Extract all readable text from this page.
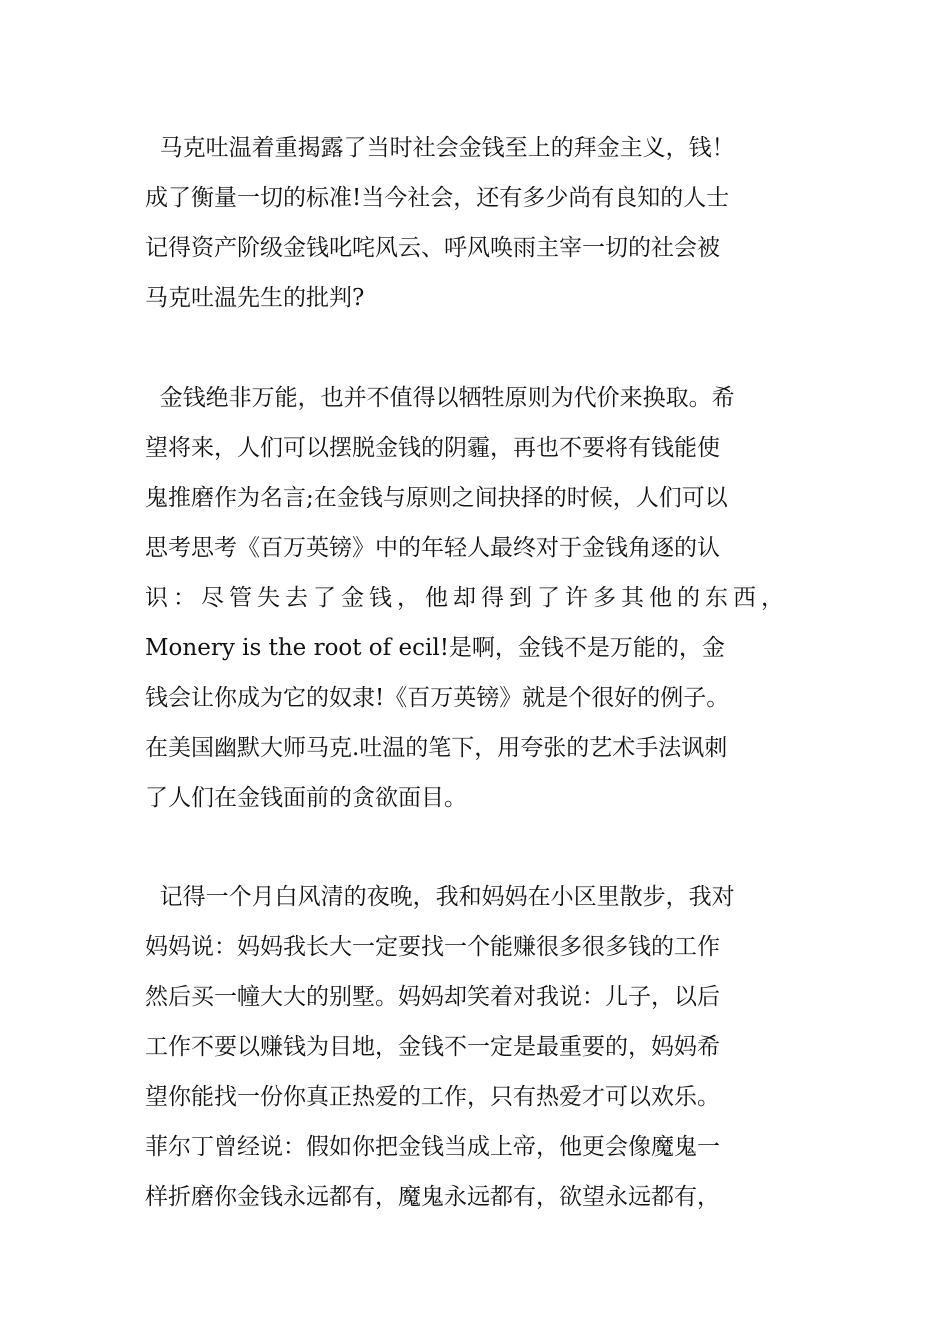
马克吐温着重揭露了当时社会金钱至上的拜金主义，钱！
成了衡量一切的标准!当今社会，还有多少尚有良知的人士
记得资产阶级金钱叱咤风云、呼风唤雨主宰一切的社会被
马克吐温先生的批判?
金钱绝非万能，也并不值得以牺牲原则为代价来换取。希
望将来，人们可以摆脱金钱的阴霾，再也不要将有钱能使
鬼推磨作为名言;在金钱与原则之间抉择的时候，人们可以
思考思考《百万英镑》中的年轻人最终对于金钱角逐的认
识：尽管失去了金钱，他却得到了许多其他的东西，
Monery is the root of ecil!是啊，金钱不是万能的，金
钱会让你成为它的奴隶!《百万英镑》就是个很好的例子。
在美国幽默大师马克.吐温的笔下，用夸张的艺术手法讽刺
了人们在金钱面前的贪欲面目。
记得一个月白风清的夜晚，我和妈妈在小区里散步，我对
妈妈说：妈妈我长大一定要找一个能赚很多很多钱的工作
然后买一幢大大的别墅。妈妈却笑着对我说：儿子，以后
工作不要以赚钱为目地，金钱不一定是最重要的，妈妈希
望你能找一份你真正热爱的工作，只有热爱才可以欢乐。
菲尔丁曾经说：假如你把金钱当成上帝，他更会像魔鬼一
样折磨你金钱永远都有，魔鬼永远都有，欲望永远都有，
